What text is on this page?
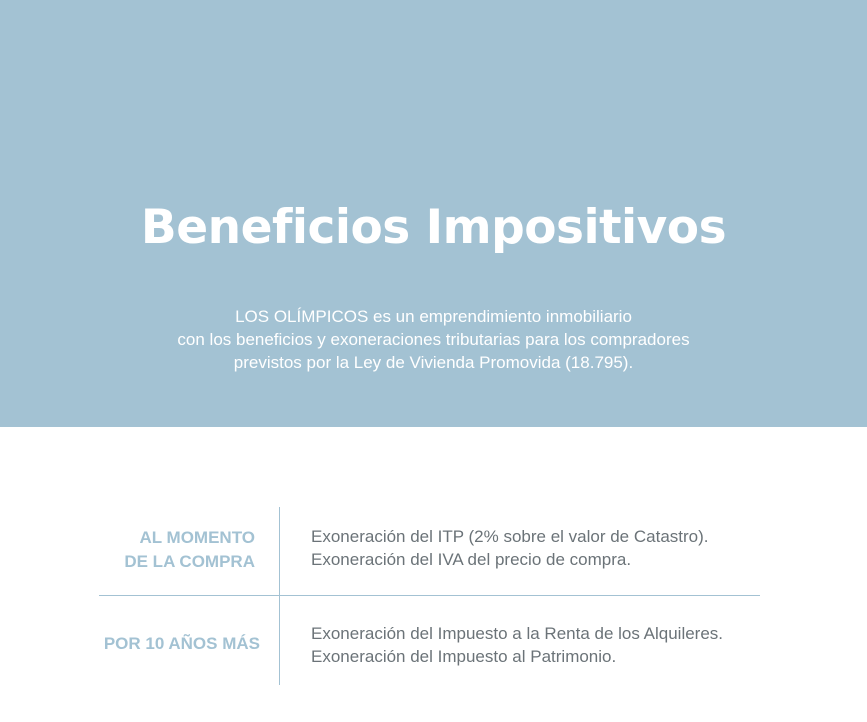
Beneficios Impositivos
LOS OLÍMPICOS es un emprendimiento inmobiliario
con los beneficios y exoneraciones tributarias para los compradores
previstos por la Ley de Vivienda Promovida (18.795).
AL MOMENTO
DE LA COMPRA
Exoneración del ITP (2% sobre el valor de Catastro).
Exoneración del IVA del precio de compra.
POR 10 AÑOS MÁS
Exoneración del Impuesto a la Renta de los Alquileres.
Exoneración del Impuesto al Patrimonio.
